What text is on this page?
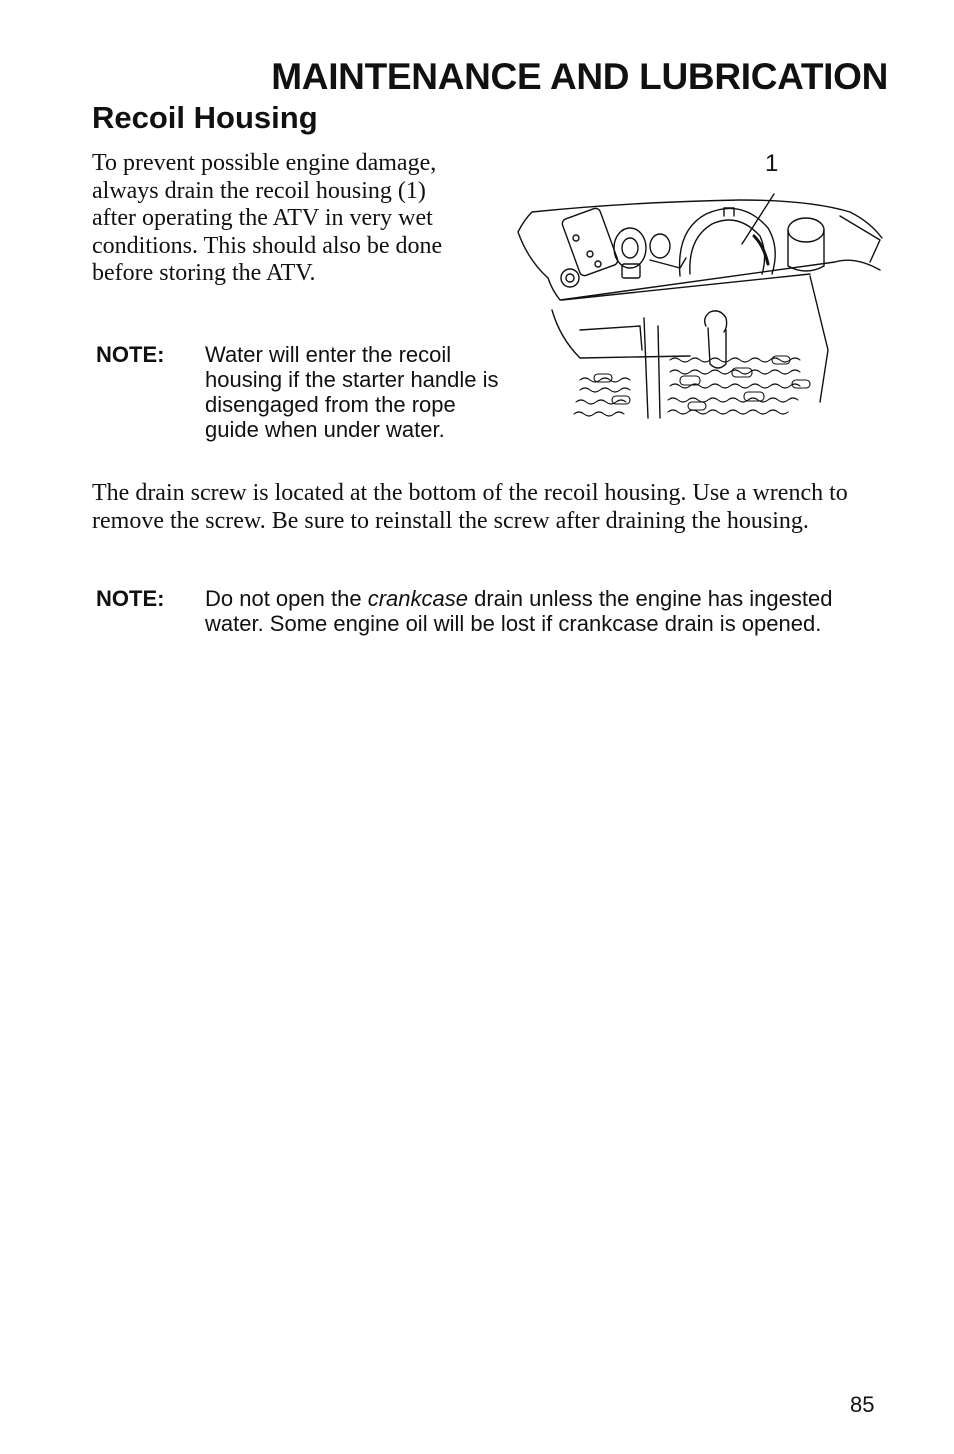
MAINTENANCE AND LUBRICATION
Recoil Housing

To prevent possible engine damage, always drain the recoil housing (1) after operating the ATV in very wet conditions. This should also be done before storing the ATV.

NOTE:	Water will enter the recoil housing if the starter handle is disengaged from the rope guide when under water.
1

The drain screw is located at the bottom of the recoil housing. Use a wrench to remove the screw. Be sure to reinstall the screw after draining the housing.

NOTE:	Do not open the crankcase drain unless the engine has ingested water. Some engine oil will be lost if crankcase drain is opened.
85
